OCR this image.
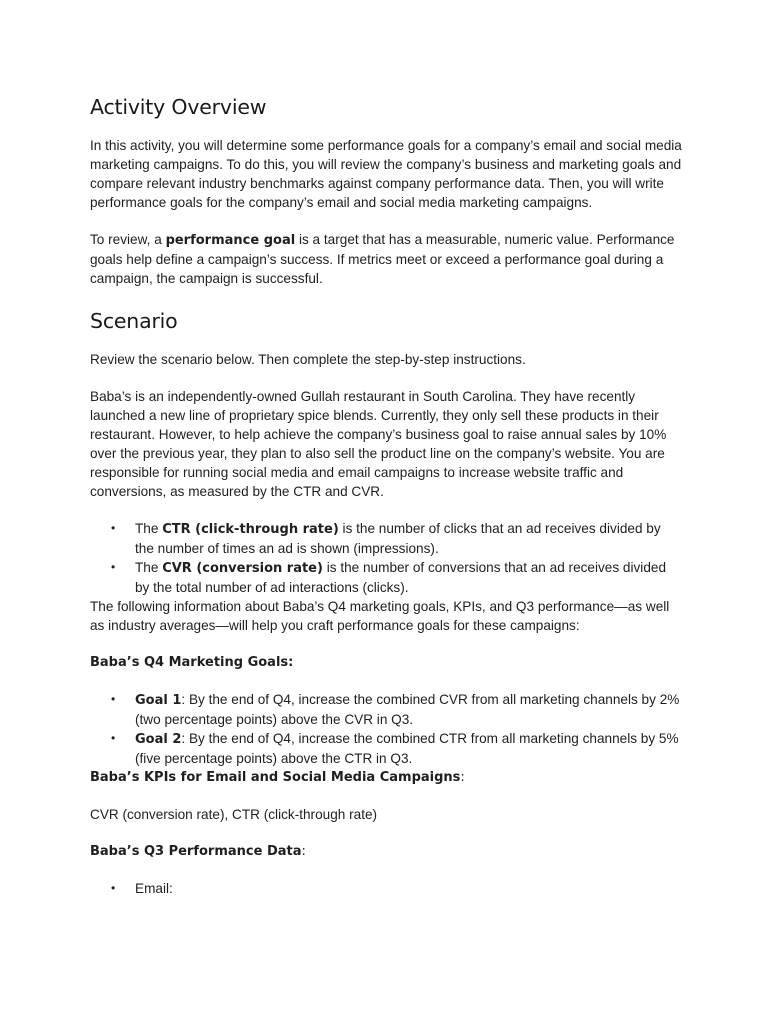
Activity Overview

In this activity, you will determine some performance goals for a company’s email and social media marketing campaigns. To do this, you will review the company’s business and marketing goals and compare relevant industry benchmarks against company performance data. Then, you will write performance goals for the company’s email and social media marketing campaigns.

To review, a performance goal is a target that has a measurable, numeric value. Performance goals help define a campaign’s success. If metrics meet or exceed a performance goal during a campaign, the campaign is successful.

Scenario

Review the scenario below. Then complete the step-by-step instructions.

Baba’s is an independently-owned Gullah restaurant in South Carolina. They have recently launched a new line of proprietary spice blends. Currently, they only sell these products in their restaurant. However, to help achieve the company’s business goal to raise annual sales by 10% over the previous year, they plan to also sell the product line on the company’s website. You are responsible for running social media and email campaigns to increase website traffic and conversions, as measured by the CTR and CVR.

• The CTR (click-through rate) is the number of clicks that an ad receives divided by the number of times an ad is shown (impressions).
• The CVR (conversion rate) is the number of conversions that an ad receives divided by the total number of ad interactions (clicks).

The following information about Baba’s Q4 marketing goals, KPIs, and Q3 performance—as well as industry averages—will help you craft performance goals for these campaigns:

Baba’s Q4 Marketing Goals:
• Goal 1: By the end of Q4, increase the combined CVR from all marketing channels by 2% (two percentage points) above the CVR in Q3.
• Goal 2: By the end of Q4, increase the combined CTR from all marketing channels by 5% (five percentage points) above the CTR in Q3.
Baba’s KPIs for Email and Social Media Campaigns:

CVR (conversion rate), CTR (click-through rate)

Baba’s Q3 Performance Data:
• Email:
